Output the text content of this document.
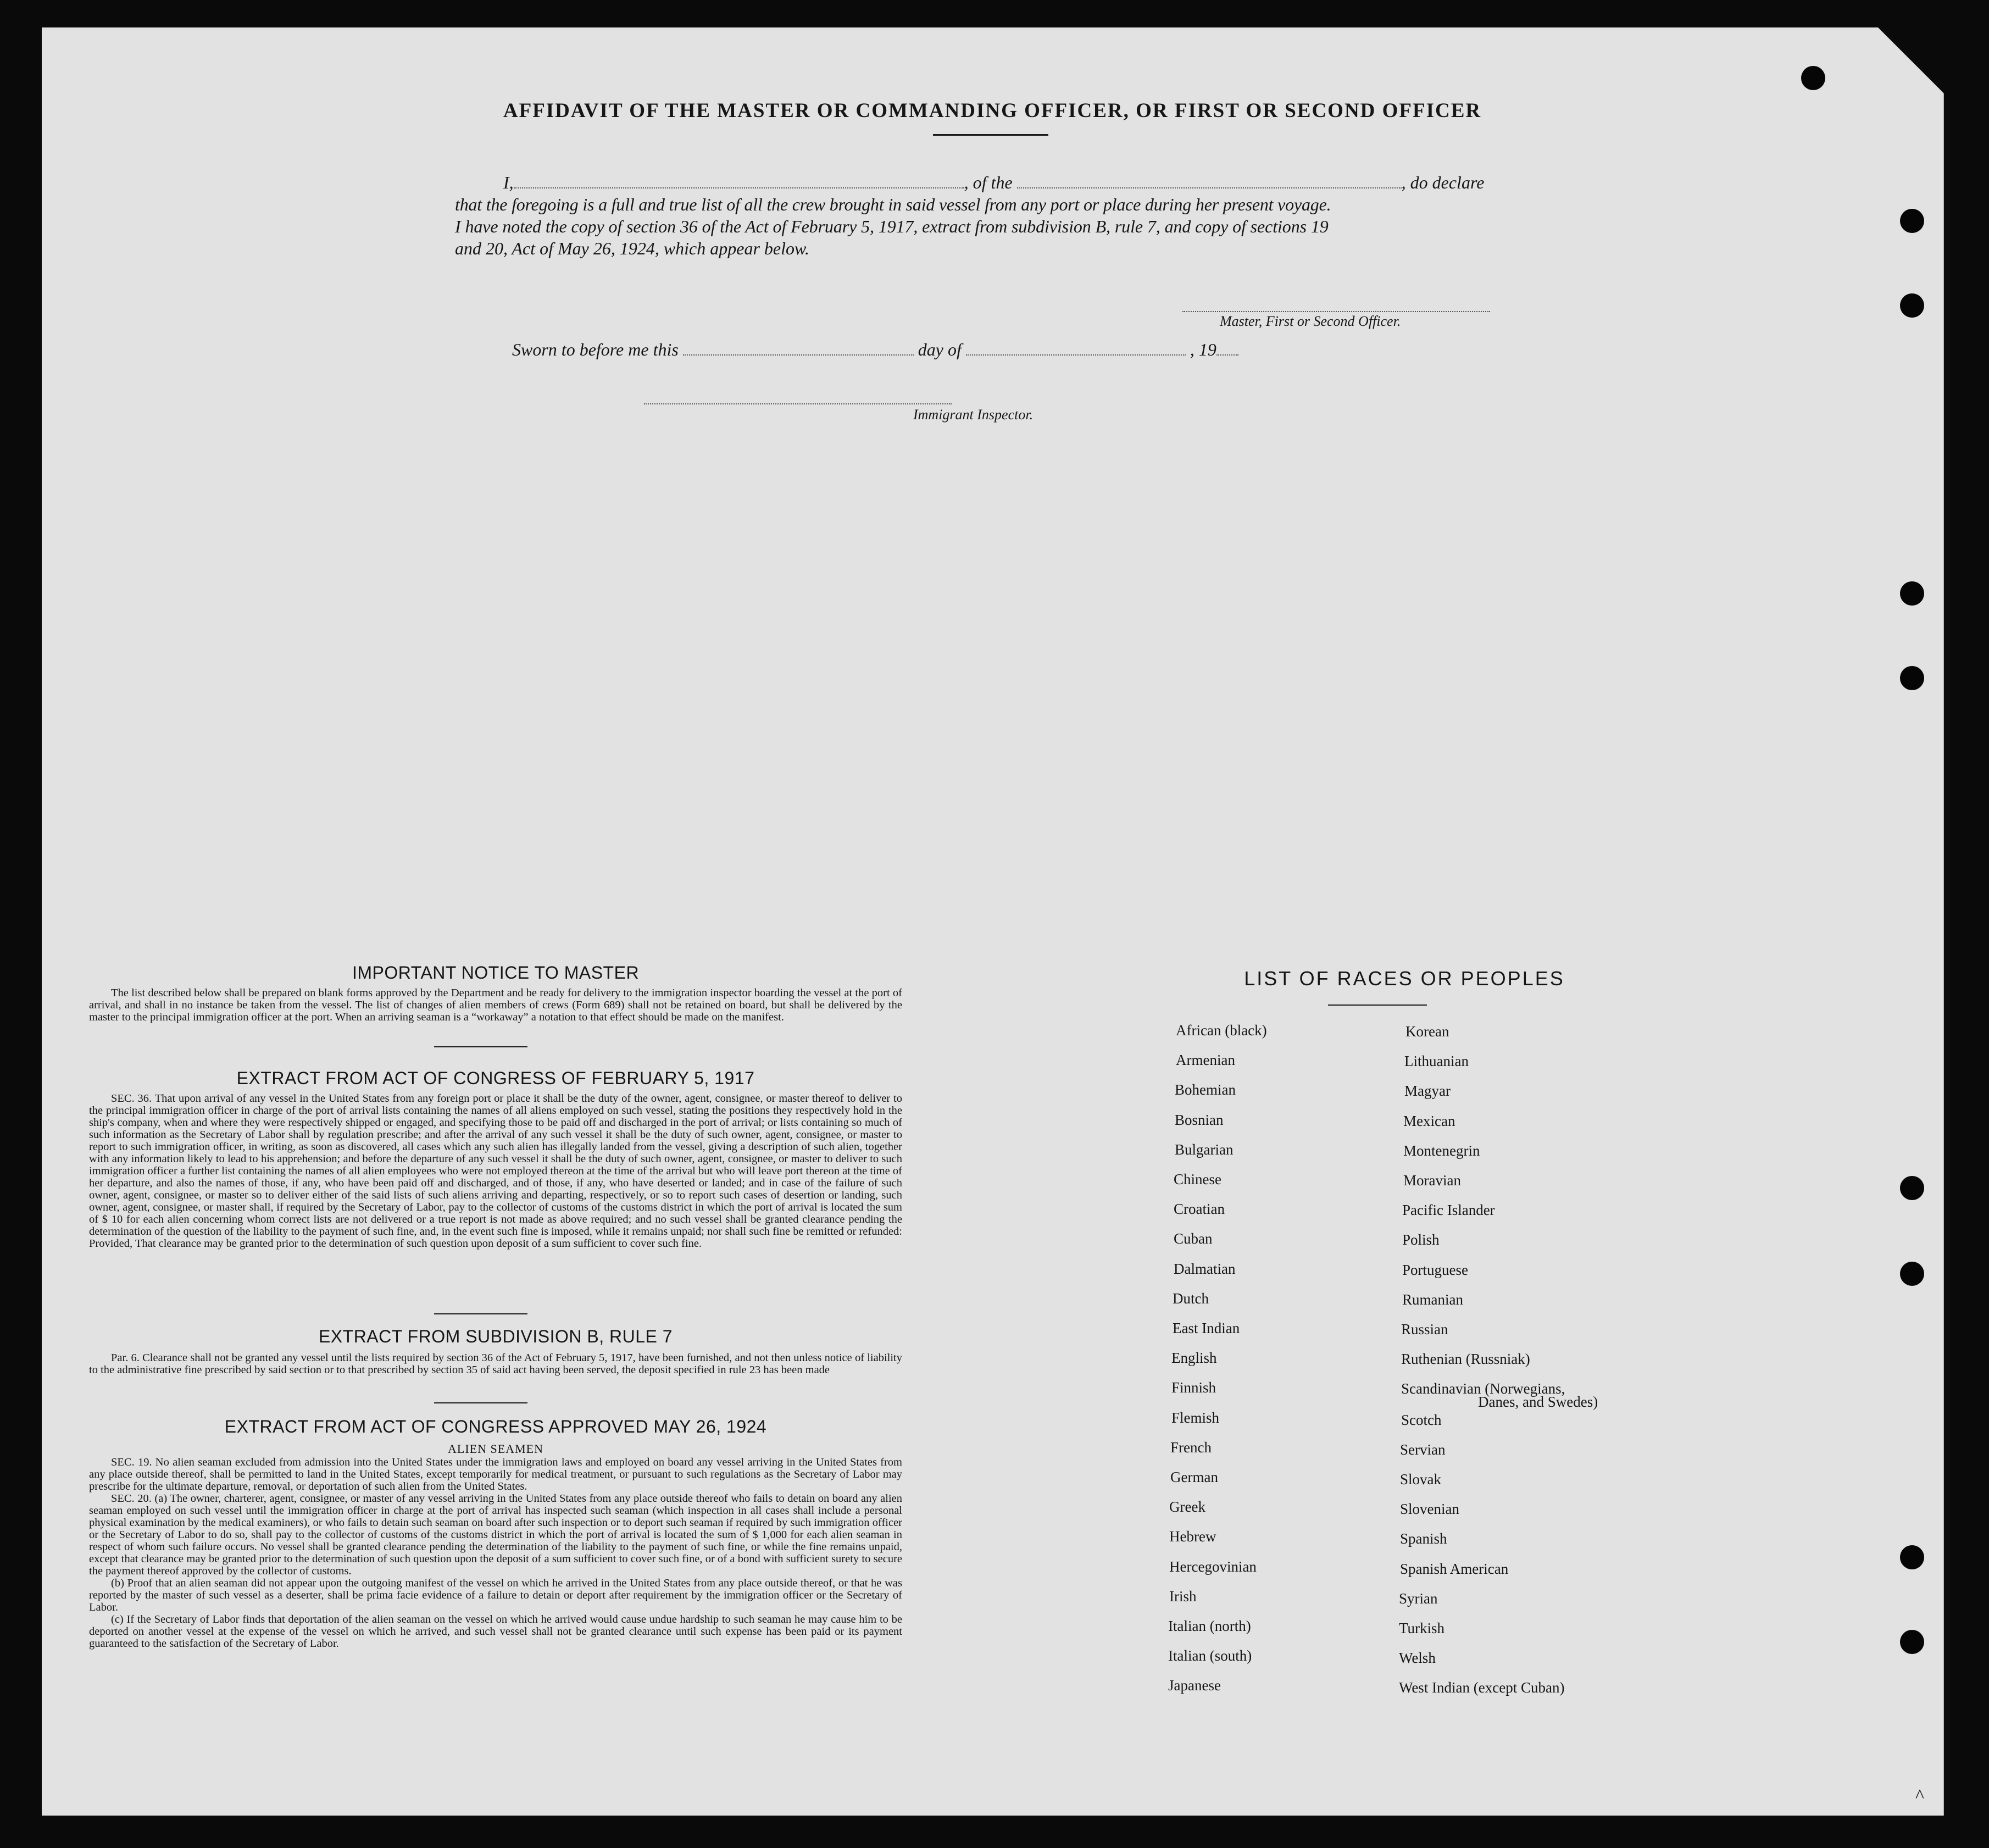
AFFIDAVIT OF THE MASTER OR COMMANDING OFFICER, OR FIRST OR SECOND OFFICER
I,	, of the	, do declare
that the foregoing is a full and true list of all the crew brought in said vessel from any port or place during her present voyage.
I have noted the copy of section 36 of the Act of February 5, 1917, extract from subdivision B, rule 7, and copy of sections 19
and 20, Act of May 26, 1924, which appear below.
Master, First or Second Officer.
Sworn to before me this	day of	, 19
Immigrant Inspector.
IMPORTANT NOTICE TO MASTER

The list described below shall be prepared on blank forms approved by the Department and be ready for delivery to the immigration inspector boarding the vessel at the port of arrival, and shall in no instance be taken from the vessel. The list of changes of alien members of crews (Form 689) shall not be retained on board, but shall be delivered by the master to the principal immigration officer at the port. When an arriving seaman is a “workaway” a notation to that effect should be made on the manifest.

EXTRACT FROM ACT OF CONGRESS OF FEBRUARY 5, 1917

SEC. 36. That upon arrival of any vessel in the United States from any foreign port or place it shall be the duty of the owner, agent, consignee, or master thereof to deliver to the principal immigration officer in charge of the port of arrival lists containing the names of all aliens employed on such vessel, stating the positions they respectively hold in the ship's company, when and where they were respectively shipped or engaged, and specifying those to be paid off and discharged in the port of arrival; or lists containing so much of such information as the Secretary of Labor shall by regulation prescribe; and after the arrival of any such vessel it shall be the duty of such owner, agent, consignee, or master to report to such immigration officer, in writing, as soon as discovered, all cases which any such alien has illegally landed from the vessel, giving a description of such alien, together with any information likely to lead to his apprehension; and before the departure of any such vessel it shall be the duty of such owner, agent, consignee, or master to deliver to such immigration officer a further list containing the names of all alien employees who were not employed thereon at the time of the arrival but who will leave port thereon at the time of her departure, and also the names of those, if any, who have been paid off and discharged, and of those, if any, who have deserted or landed; and in case of the failure of such owner, agent, consignee, or master so to deliver either of the said lists of such aliens arriving and departing, respectively, or so to report such cases of desertion or landing, such owner, agent, consignee, or master shall, if required by the Secretary of Labor, pay to the collector of customs of the customs district in which the port of arrival is located the sum of $ 10 for each alien concerning whom correct lists are not delivered or a true report is not made as above required; and no such vessel shall be granted clearance pending the determination of the question of the liability to the payment of such fine, and, in the event such fine is imposed, while it remains unpaid; nor shall such fine be remitted or refunded: Provided, That clearance may be granted prior to the determination of such question upon deposit of a sum sufficient to cover such fine.

EXTRACT FROM SUBDIVISION B, RULE 7

Par. 6. Clearance shall not be granted any vessel until the lists required by section 36 of the Act of February 5, 1917, have been furnished, and not then unless notice of liability to the administrative fine prescribed by said section or to that prescribed by section 35 of said act having been served, the deposit specified in rule 23 has been made

EXTRACT FROM ACT OF CONGRESS APPROVED MAY 26, 1924
ALIEN SEAMEN

SEC. 19. No alien seaman excluded from admission into the United States under the immigration laws and employed on board any vessel arriving in the United States from any place outside thereof, shall be permitted to land in the United States, except temporarily for medical treatment, or pursuant to such regulations as the Secretary of Labor may prescribe for the ultimate departure, removal, or deportation of such alien from the United States.

SEC. 20. (a) The owner, charterer, agent, consignee, or master of any vessel arriving in the United States from any place outside thereof who fails to detain on board any alien seaman employed on such vessel until the immigration officer in charge at the port of arrival has inspected such seaman (which inspection in all cases shall include a personal physical examination by the medical examiners), or who fails to detain such seaman on board after such inspection or to deport such seaman if required by such immigration officer or the Secretary of Labor to do so, shall pay to the collector of customs of the customs district in which the port of arrival is located the sum of $ 1,000 for each alien seaman in respect of whom such failure occurs. No vessel shall be granted clearance pending the determination of the liability to the payment of such fine, or while the fine remains unpaid, except that clearance may be granted prior to the determination of such question upon the deposit of a sum sufficient to cover such fine, or of a bond with sufficient surety to secure the payment thereof approved by the collector of customs.

(b) Proof that an alien seaman did not appear upon the outgoing manifest of the vessel on which he arrived in the United States from any place outside thereof, or that he was reported by the master of such vessel as a deserter, shall be prima facie evidence of a failure to detain or deport after requirement by the immigration officer or the Secretary of Labor.

(c) If the Secretary of Labor finds that deportation of the alien seaman on the vessel on which he arrived would cause undue hardship to such seaman he may cause him to be deported on another vessel at the expense of the vessel on which he arrived, and such vessel shall not be granted clearance until such expense has been paid or its payment guaranteed to the satisfaction of the Secretary of Labor.

LIST OF RACES OR PEOPLES
Danes, and Swedes)
^
African (black)
Armenian
Bohemian
Bosnian
Bulgarian
Chinese
Croatian
Cuban
Dalmatian
Dutch
East Indian
English
Finnish
Flemish
French
German
Greek
Hebrew
Hercegovinian
Irish
Italian (north)
Italian (south)
Japanese
Korean
Lithuanian
Magyar
Mexican
Montenegrin
Moravian
Pacific Islander
Polish
Portuguese
Rumanian
Russian
Ruthenian (Russniak)
Scandinavian (Norwegians,
Scotch
Servian
Slovak
Slovenian
Spanish
Spanish American
Syrian
Turkish
Welsh
West Indian (except Cuban)
